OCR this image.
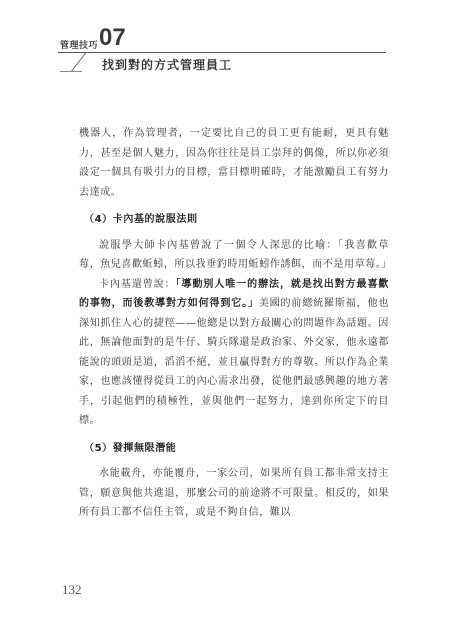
管理技巧 07
找到對的方式管理員工

機器人，作為管理者，一定要比自己的員工更有能耐，更具有魅力，甚至是個人魅力，因為你往往是員工崇拜的偶像，所以你必須設定一個具有吸引力的目標，當目標明確時，才能激勵員工有努力去達成。

（4）卡內基的說服法則

說服學大師卡內基曾說了一個令人深思的比喻：「我喜歡草莓，魚兒喜歡蚯蚓，所以我垂釣時用蚯蚓作誘餌，而不是用草莓。」

卡內基還曾說：「導動別人唯一的辦法，就是找出對方最喜歡的事物，而後教導對方如何得到它。」美國的前總統羅斯福，他也深知抓住人心的捷徑——他總是以對方最關心的問題作為話題。因此，無論他面對的是牛仔、騎兵隊還是政治家、外交家，他永遠都能說的頭頭是道，滔滔不絕，並且贏得對方的尊敬。所以作為企業家，也應該懂得從員工的內心需求出發，從他們最感興趣的地方著手，引起他們的積極性，並與他們一起努力，達到你所定下的目標。

（5）發揮無限潛能

水能載舟，亦能覆舟，一家公司，如果所有員工都非常支持主管，願意與他共進退，那麼公司的前途將不可限量。相反的，如果所有員工都不信任主管，或是不夠自信，難以

132
